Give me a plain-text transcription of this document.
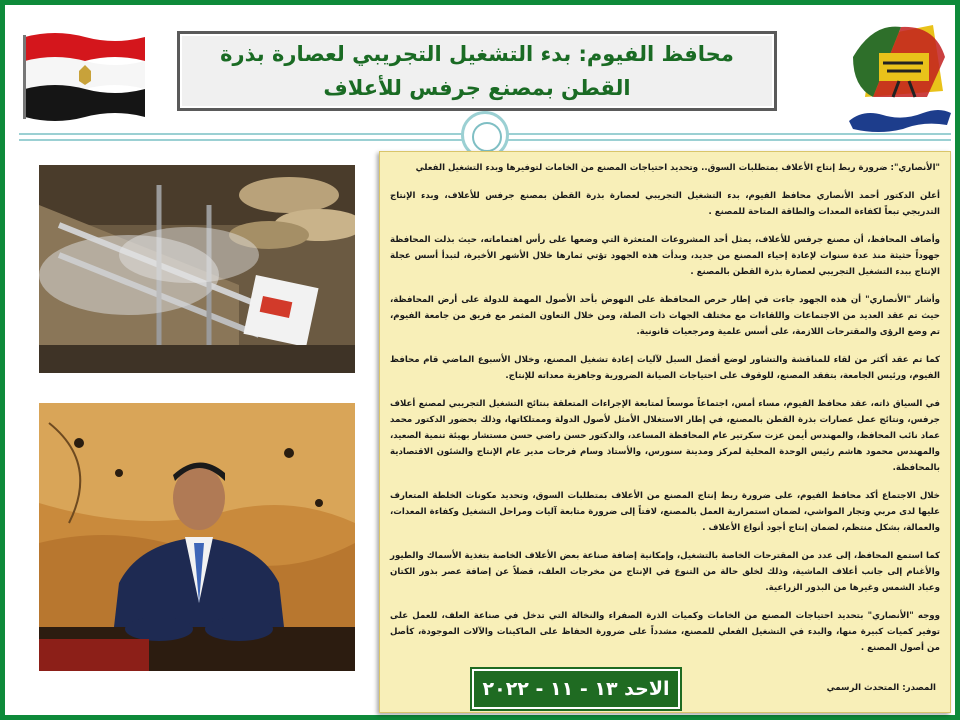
محافظ الفيوم: بدء التشغيل التجريبي لعصارة بذرة القطن بمصنع جرفس للأعلاف

"الأنصاري": ضرورة ربط إنتاج الأعلاف بمتطلبات السوق.. وتحديد احتياجات المصنع من الخامات لتوفيرها وبدء التشغيل الفعلي

أعلن الدكتور أحمد الأنصاري محافظ الفيوم، بدء التشغيل التجريبي لعصارة بذرة القطن بمصنع جرفس للأعلاف، وبدء الإنتاج التدريجي تبعاً لكفاءة المعدات والطاقة المتاحة للمصنع .

وأضاف المحافظ، أن مصنع جرفس للأعلاف، يمثل أحد المشروعات المتعثرة التي وضعها على رأس اهتماماته، حيث بذلت المحافظة جهوداً حثيثة منذ عدة سنوات لإعادة إحياء المصنع من جديد، وبدأت هذه الجهود تؤتي ثمارها خلال الأشهر الأخيرة، لتبدأ أسس عجلة الإنتاج ببدء التشغيل التجريبي لعصارة بذرة القطن بالمصنع .

وأشار "الأنصاري" أن هذه الجهود جاءت في إطار حرص المحافظة على النهوض بأحد الأصول المهمة للدولة على أرض المحافظة، حيث تم عقد العديد من الاجتماعات واللقاءات مع مختلف الجهات ذات الصلة، ومن خلال التعاون المثمر مع فريق من جامعة الفيوم، تم وضع الرؤى والمقترحات اللازمة، على أسس علمية ومرجعيات قانونية.

كما تم عقد أكثر من لقاء للمناقشة والتشاور لوضع أفضل السبل لآليات إعادة تشغيل المصنع، وخلال الأسبوع الماضي قام محافظ الفيوم، ورئيس الجامعة، بتفقد المصنع، للوقوف على احتياجات الصيانة الضرورية وجاهزية معداته للإنتاج.

في السياق ذاته، عقد محافظ الفيوم، مساء أمس، اجتماعاً موسعاً لمتابعة الإجراءات المتعلقة بنتائج التشغيل التجريبي لمصنع أعلاف جرفس، ونتائج عمل عصارات بذرة القطن بالمصنع، في إطار الاستغلال الأمثل لأصول الدولة وممتلكاتها، وذلك بحضور الدكتور محمد عماد نائب المحافظ، والمهندس أيمن عزت سكرتير عام المحافظة المساعد، والدكتور حسن راضي حسن مستشار بهيئة تنمية الصعيد، والمهندس محمود هاشم رئيس الوحدة المحلية لمركز ومدينة سنورس، والأستاذ وسام فرحات مدير عام الإنتاج والشئون الاقتصادية بالمحافظة.

خلال الاجتماع أكد محافظ الفيوم، على ضرورة ربط إنتاج المصنع من الأعلاف بمتطلبات السوق، وتحديد مكونات الخلطة المتعارف عليها لدى مربي وتجار المواشي، لضمان استمرارية العمل بالمصنع، لافتاً إلى ضرورة متابعة آليات ومراحل التشغيل وكفاءة المعدات، والعمالة، بشكل منتظم، لضمان إنتاج أجود أنواع الأعلاف .

كما استمع المحافظ، إلى عدد من المقترحات الخاصة بالتشغيل، وإمكانية إضافة صناعة بعض الأعلاف الخاصة بتغذية الأسماك والطيور والأغنام إلى جانب أعلاف الماشية، وذلك لخلق حالة من التنوع في الإنتاج من مخرجات العلف، فضلاً عن إضافة عصر بذور الكتان وعباد الشمس وغيرها من البذور الزراعية.

ووجه "الأنصاري" بتحديد احتياجات المصنع من الخامات وكميات الذرة الصفراء والنخالة التي تدخل في صناعة العلف، للعمل على توفير كميات كبيرة منها، والبدء في التشغيل الفعلي للمصنع، مشدداً على ضرورة الحفاظ على الماكينات والآلات الموجودة، كأصل من أصول المصنع .

المصدر: المتحدث الرسمي
الاحد ١٣ - ١١ - ٢٠٢٢
